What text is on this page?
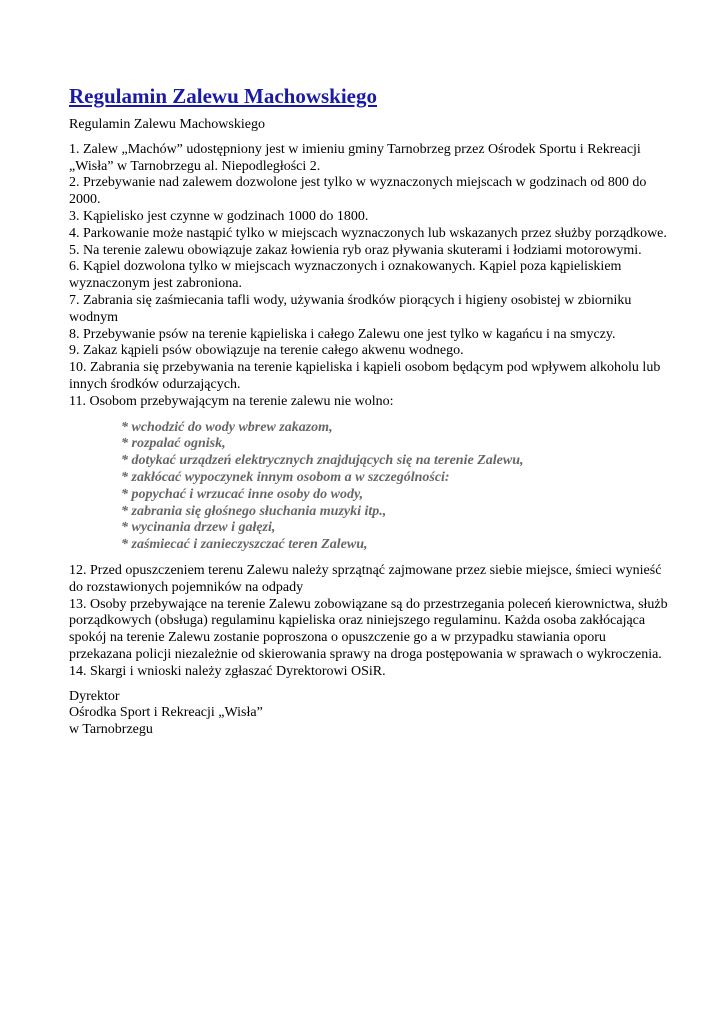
Regulamin Zalewu Machowskiego
Regulamin Zalewu Machowskiego
1. Zalew „Machów” udostępniony jest w imieniu gminy Tarnobrzeg przez Ośrodek Sportu i Rekreacji „Wisła” w Tarnobrzegu al. Niepodległości 2.
2. Przebywanie nad zalewem dozwolone jest tylko w wyznaczonych miejscach w godzinach od 800 do 2000.
3. Kąpielisko jest czynne w godzinach 1000 do 1800.
4. Parkowanie może nastąpić tylko w miejscach wyznaczonych lub wskazanych przez służby porządkowe.
5. Na terenie zalewu obowiązuje zakaz łowienia ryb oraz pływania skuterami i łodziami motorowymi.
6. Kąpiel dozwolona tylko w miejscach wyznaczonych i oznakowanych. Kąpiel poza kąpieliskiem wyznaczonym jest zabroniona.
7. Zabrania się zaśmiecania tafli wody, używania środków piorących i higieny osobistej w zbiorniku wodnym
8. Przebywanie psów na terenie kąpieliska i całego Zalewu one jest tylko w kagańcu i na smyczy.
9. Zakaz kąpieli psów obowiązuje na terenie całego akwenu wodnego.
10. Zabrania się przebywania na terenie kąpieliska i kąpieli osobom będącym pod wpływem alkoholu lub innych środków odurzających.
11. Osobom przebywającym na terenie zalewu nie wolno:
* wchodzić do wody wbrew zakazom,
* rozpalać ognisk,
* dotykać urządzeń elektrycznych znajdujących się na terenie Zalewu,
* zakłócać wypoczynek innym osobom a w szczególności:
* popychać i wrzucać inne osoby do wody,
* zabrania się głośnego słuchania muzyki itp.,
* wycinania drzew i gałęzi,
* zaśmiecać i zanieczyszczać teren Zalewu,
12. Przed opuszczeniem terenu Zalewu należy sprzątnąć zajmowane przez siebie miejsce, śmieci wynieść do rozstawionych pojemników na odpady
13. Osoby przebywające na terenie Zalewu zobowiązane są do przestrzegania poleceń kierownictwa, służb porządkowych (obsługa) regulaminu kąpieliska oraz niniejszego regulaminu. Każda osoba zakłócająca spokój na terenie Zalewu zostanie poproszona o opuszczenie go a w przypadku stawiania oporu przekazana policji niezależnie od skierowania sprawy na droga postępowania w sprawach o wykroczenia.
14. Skargi i wnioski należy zgłaszać Dyrektorowi OSiR.
Dyrektor
Ośrodka Sport i Rekreacji „Wisła”
w Tarnobrzegu
